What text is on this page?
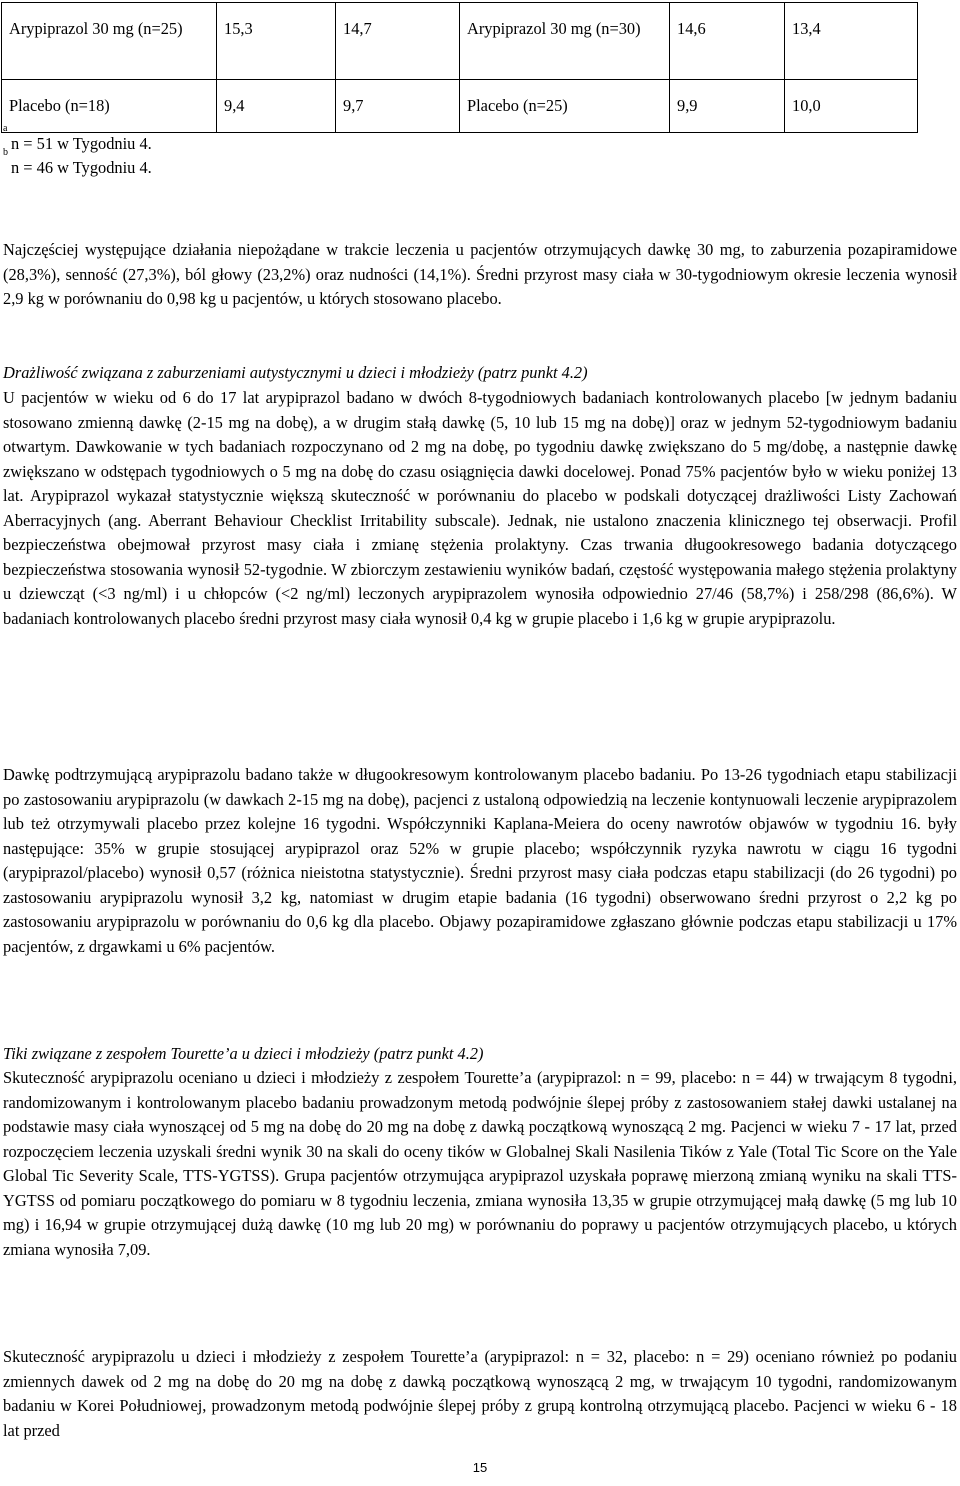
Arypiprazol 30 mg (n=25)	15,3	14,7	Arypiprazol 30 mg (n=30)	14,6	13,4
Placebo (n=18)	9,4	9,7	Placebo (n=25)	9,9	10,0
a
n = 51 w Tygodniu 4.
b
n = 46 w Tygodniu 4.

Najczęściej występujące działania niepożądane w trakcie leczenia u pacjentów otrzymujących dawkę 30 mg, to zaburzenia pozapiramidowe (28,3%), senność (27,3%), ból głowy (23,2%) oraz nudności (14,1%). Średni przyrost masy ciała w 30-tygodniowym okresie leczenia wynosił 2,9 kg w porównaniu do 0,98 kg u pacjentów, u których stosowano placebo.

Drażliwość związana z zaburzeniami autystycznymi u dzieci i młodzieży (patrz punkt 4.2)

U pacjentów w wieku od 6 do 17 lat arypiprazol badano w dwóch 8-tygodniowych badaniach kontrolowanych placebo [w jednym badaniu stosowano zmienną dawkę (2-15 mg na dobę), a w drugim stałą dawkę (5, 10 lub 15 mg na dobę)] oraz w jednym 52-tygodniowym badaniu otwartym. Dawkowanie w tych badaniach rozpoczynano od 2 mg na dobę, po tygodniu dawkę zwiększano do 5 mg/dobę, a następnie dawkę zwiększano w odstępach tygodniowych o 5 mg na dobę do czasu osiągnięcia dawki docelowej. Ponad 75% pacjentów było w wieku poniżej 13 lat. Arypiprazol wykazał statystycznie większą skuteczność w porównaniu do placebo w podskali dotyczącej drażliwości Listy Zachowań Aberracyjnych (ang. Aberrant Behaviour Checklist Irritability subscale). Jednak, nie ustalono znaczenia klinicznego tej obserwacji. Profil bezpieczeństwa obejmował przyrost masy ciała i zmianę stężenia prolaktyny. Czas trwania długookresowego badania dotyczącego bezpieczeństwa stosowania wynosił 52-tygodnie. W zbiorczym zestawieniu wyników badań, częstość występowania małego stężenia prolaktyny u dziewcząt (<3 ng/ml) i u chłopców (<2 ng/ml) leczonych arypiprazolem wynosiła odpowiednio 27/46 (58,7%) i 258/298 (86,6%). W badaniach kontrolowanych placebo średni przyrost masy ciała wynosił 0,4 kg w grupie placebo i 1,6 kg w grupie arypiprazolu.

Dawkę podtrzymującą arypiprazolu badano także w długookresowym kontrolowanym placebo badaniu. Po 13-26 tygodniach etapu stabilizacji po zastosowaniu arypiprazolu (w dawkach 2-15 mg na dobę), pacjenci z ustaloną odpowiedzią na leczenie kontynuowali leczenie arypiprazolem lub też otrzymywali placebo przez kolejne 16 tygodni. Współczynniki Kaplana-Meiera do oceny nawrotów objawów w tygodniu 16. były następujące: 35% w grupie stosującej arypiprazol oraz 52% w grupie placebo; współczynnik ryzyka nawrotu w ciągu 16 tygodni (arypiprazol/placebo) wynosił 0,57 (różnica nieistotna statystycznie). Średni przyrost masy ciała podczas etapu stabilizacji (do 26 tygodni) po zastosowaniu arypiprazolu wynosił 3,2 kg, natomiast w drugim etapie badania (16 tygodni) obserwowano średni przyrost o 2,2 kg po zastosowaniu arypiprazolu w porównaniu do 0,6 kg dla placebo. Objawy pozapiramidowe zgłaszano głównie podczas etapu stabilizacji u 17% pacjentów, z drgawkami u 6% pacjentów.

Tiki związane z zespołem Tourette’a u dzieci i młodzieży (patrz punkt 4.2)

Skuteczność arypiprazolu oceniano u dzieci i młodzieży z zespołem Tourette’a (arypiprazol: n = 99, placebo: n = 44) w trwającym 8 tygodni, randomizowanym i kontrolowanym placebo badaniu prowadzonym metodą podwójnie ślepej próby z zastosowaniem stałej dawki ustalanej na podstawie masy ciała wynoszącej od 5 mg na dobę do 20 mg na dobę z dawką początkową wynoszącą 2 mg. Pacjenci w wieku 7 - 17 lat, przed rozpoczęciem leczenia uzyskali średni wynik 30 na skali do oceny tików w Globalnej Skali Nasilenia Tików z Yale (Total Tic Score on the Yale Global Tic Severity Scale, TTS-YGTSS). Grupa pacjentów otrzymująca arypiprazol uzyskała poprawę mierzoną zmianą wyniku na skali TTS-YGTSS od pomiaru początkowego do pomiaru w 8 tygodniu leczenia, zmiana wynosiła 13,35 w grupie otrzymującej małą dawkę (5 mg lub 10 mg) i 16,94 w grupie otrzymującej dużą dawkę (10 mg lub 20 mg) w porównaniu do poprawy u pacjentów otrzymujących placebo, u których zmiana wynosiła 7,09.

Skuteczność arypiprazolu u dzieci i młodzieży z zespołem Tourette’a (arypiprazol: n = 32, placebo: n = 29) oceniano również po podaniu zmiennych dawek od 2 mg na dobę do 20 mg na dobę z dawką początkową wynoszącą 2 mg, w trwającym 10 tygodni, randomizowanym badaniu w Korei Południowej, prowadzonym metodą podwójnie ślepej próby z grupą kontrolną otrzymującą placebo. Pacjenci w wieku 6 - 18 lat przed

15
